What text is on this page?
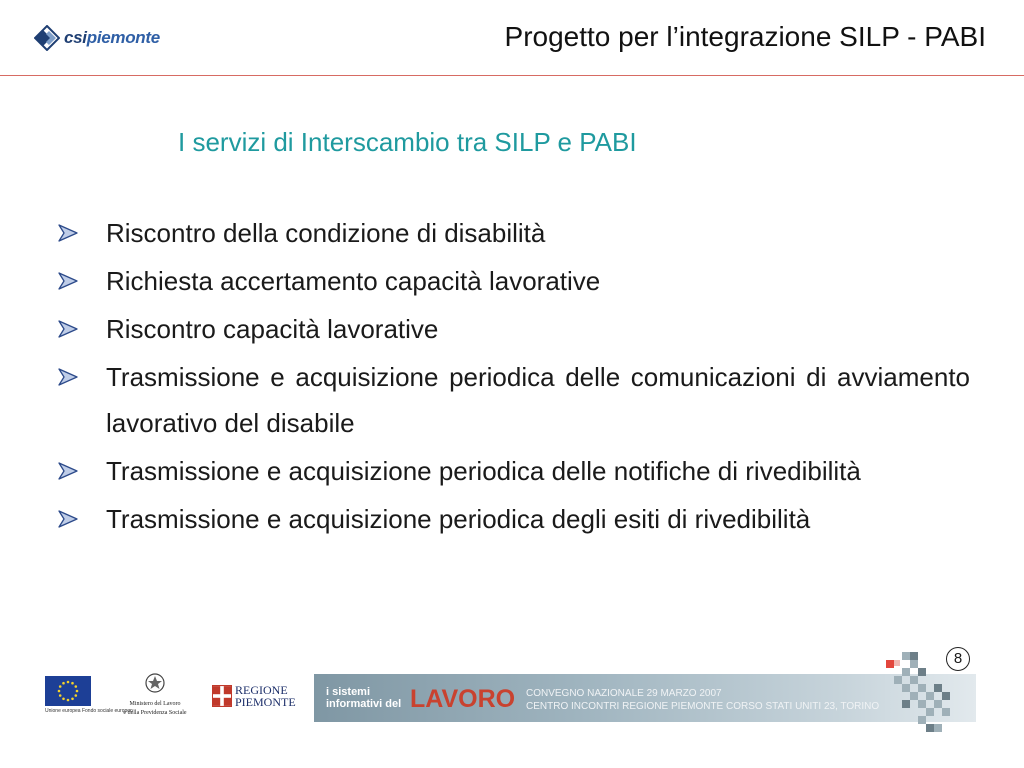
csipiemonte	Progetto per l’integrazione SILP - PABI
I servizi di Interscambio tra SILP e PABI
Riscontro della condizione di disabilità
Richiesta accertamento capacità lavorative
Riscontro capacità lavorative
Trasmissione e acquisizione periodica delle comunicazioni di avviamento lavorativo del disabile
Trasmissione e acquisizione periodica delle notifiche di rivedibilità
Trasmissione e acquisizione periodica degli esiti di rivedibilità
8
Unione europea Fondo sociale europeo
Ministero del Lavoro
e della Previdenza Sociale
REGIONE
PIEMONTE
i sistemi
informativi del LAVORO CONVEGNO NAZIONALE 29 MARZO 2007
CENTRO INCONTRI REGIONE PIEMONTE CORSO STATI UNITI 23, TORINO
